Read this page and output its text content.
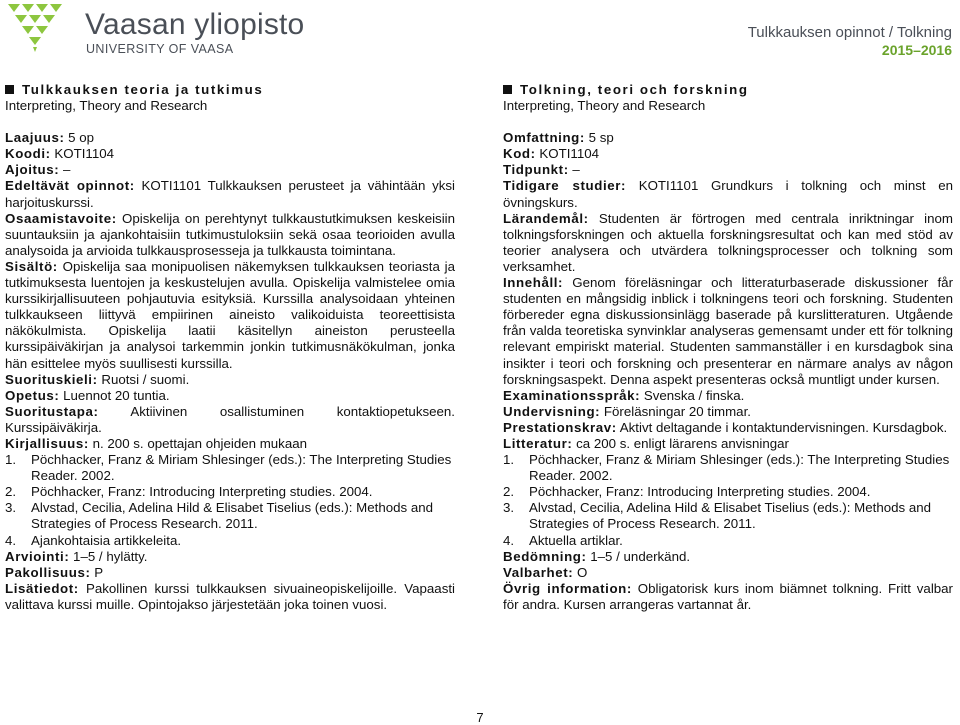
Vaasan yliopisto
UNIVERSITY OF VAASA
Tulkkauksen opinnot / Tolkning
2015–2016
Tulkkauksen teoria ja tutkimus
Interpreting, Theory and Research

Laajuus: 5 op

Koodi: KOTI1104

Ajoitus: –

Edeltävät opinnot: KOTI1101 Tulkkauksen perusteet ja vähintään yksi harjoituskurssi.

Osaamistavoite: Opiskelija on perehtynyt tulkkaustutkimuksen keskeisiin suuntauksiin ja ajankohtaisiin tutkimustuloksiin sekä osaa teorioiden avulla analysoida ja arvioida tulkkausprosesseja ja tulkkausta toimintana.

Sisältö: Opiskelija saa monipuolisen näkemyksen tulkkauksen teoriasta ja tutkimuksesta luentojen ja keskustelujen avulla. Opiskelija valmistelee omia kurssikirjallisuuteen pohjautuvia esityksiä. Kurssilla analysoidaan yhteinen tulkkaukseen liittyvä empiirinen aineisto valikoiduista teoreettisista näkökulmista. Opiskelija laatii käsitellyn aineiston perusteella kurssipäiväkirjan ja analysoi tarkemmin jonkin tutkimusnäkökulman, jonka hän esittelee myös suullisesti kurssilla.

Suorituskieli: Ruotsi / suomi.

Opetus: Luennot 20 tuntia.

Suoritustapa: Aktiivinen osallistuminen kontaktiopetukseen. Kurssipäiväkirja.

Kirjallisuus: n. 200 s. opettajan ohjeiden mukaan

1.	Pöchhacker, Franz & Miriam Shlesinger (eds.): The Interpreting Studies Reader. 2002.
2.	Pöchhacker, Franz: Introducing Interpreting studies. 2004.
3.	Alvstad, Cecilia, Adelina Hild & Elisabet Tiselius (eds.): Methods and Strategies of Process Research. 2011.
4.	Ajankohtaisia artikkeleita.

Arviointi: 1–5 / hylätty.

Pakollisuus: P

Lisätiedot: Pakollinen kurssi tulkkauksen sivuaineopiskelijoille. Vapaasti valittava kurssi muille. Opintojakso järjestetään joka toinen vuosi.

Tolkning, teori och forskning
Interpreting, Theory and Research

Omfattning: 5 sp

Kod: KOTI1104

Tidpunkt: –

Tidigare studier: KOTI1101 Grundkurs i tolkning och minst en övningskurs.

Lärandemål: Studenten är förtrogen med centrala inriktningar inom tolkningsforskningen och aktuella forskningsresultat och kan med stöd av teorier analysera och utvärdera tolkningsprocesser och tolkning som verksamhet.

Innehåll: Genom föreläsningar och litteraturbaserade diskussioner får studenten en mångsidig inblick i tolkningens teori och forskning. Studenten förbereder egna diskussionsinlägg baserade på kurslitteraturen. Utgående från valda teoretiska synvinklar analyseras gemensamt under ett för tolkning relevant empiriskt material. Studenten sammanställer i en kursdagbok sina insikter i teori och forskning och presenterar en närmare analys av någon forskningsaspekt. Denna aspekt presenteras också muntligt under kursen.

Examinationsspråk: Svenska / finska.

Undervisning: Föreläsningar 20 timmar.

Prestationskrav: Aktivt deltagande i kontaktundervisningen. Kursdagbok.

Litteratur: ca 200 s. enligt lärarens anvisningar

1.	Pöchhacker, Franz & Miriam Shlesinger (eds.): The Interpreting Studies Reader. 2002.
2.	Pöchhacker, Franz: Introducing Interpreting studies. 2004.
3.	Alvstad, Cecilia, Adelina Hild & Elisabet Tiselius (eds.): Methods and Strategies of Process Research. 2011.
4.	Aktuella artiklar.

Bedömning: 1–5 / underkänd.

Valbarhet: O

Övrig information: Obligatorisk kurs inom biämnet tolkning. Fritt valbar för andra. Kursen arrangeras vartannat år.

7
